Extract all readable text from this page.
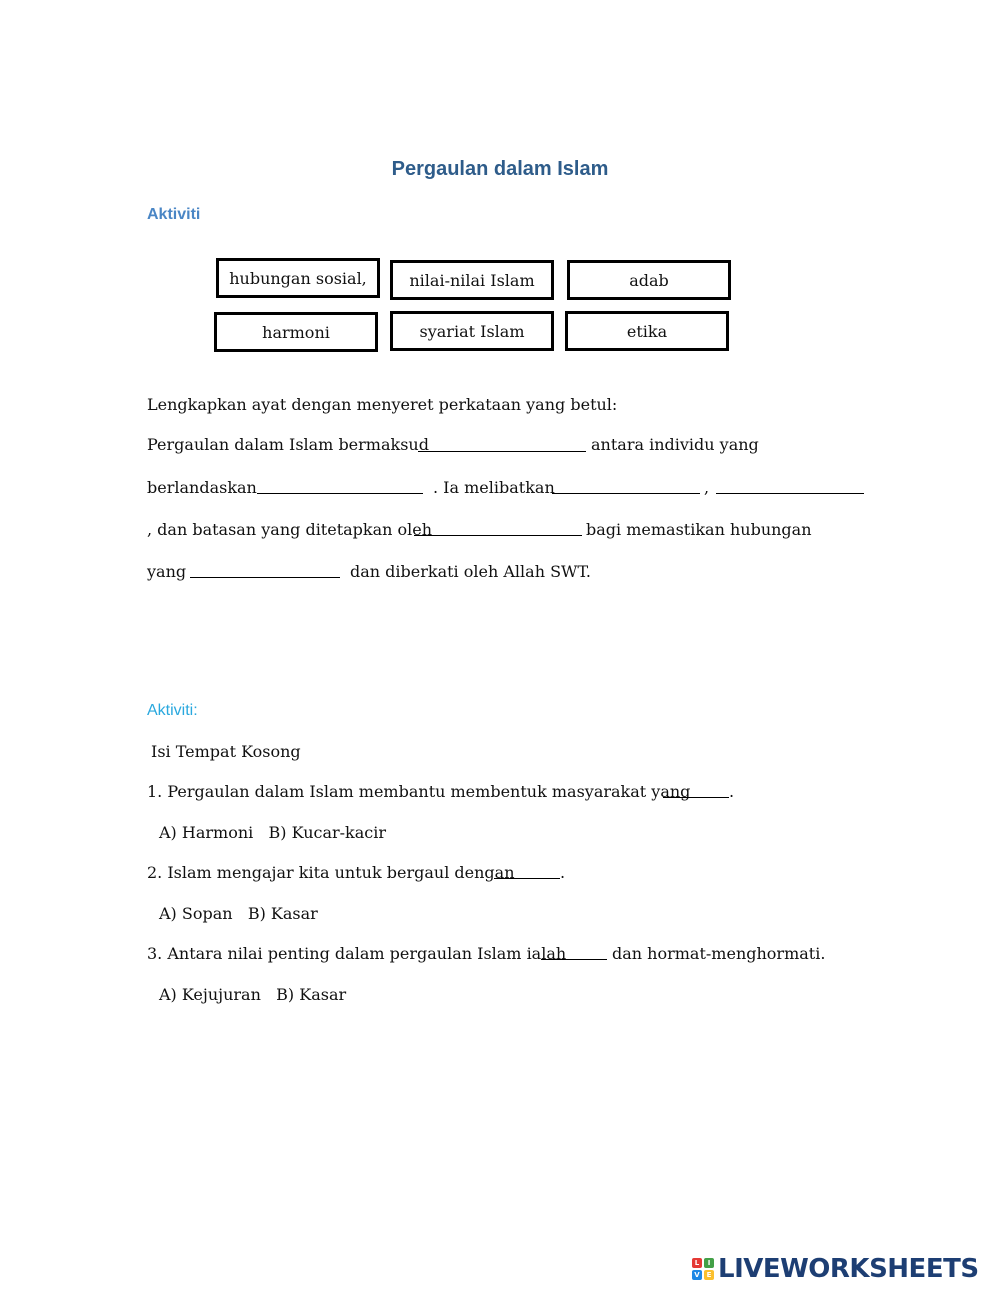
Pergaulan dalam Islam
Aktiviti
hubungan sosial,	nilai-nilai Islam	adab
harmoni	syariat Islam	etika
Lengkapkan ayat dengan menyeret perkataan yang betul:
Pergaulan dalam Islam bermaksud	antara individu yang
berlandaskan	. Ia melibatkan	,
, dan batasan yang ditetapkan oleh	bagi memastikan hubungan
yang	dan diberkati oleh Allah SWT.
Aktiviti:
Isi Tempat Kosong
1. Pergaulan dalam Islam membantu membentuk masyarakat yang .
A) Harmoni   B) Kucar-kacir
2. Islam mengajar kita untuk bergaul dengan	.
A) Sopan   B) Kasar
3. Antara nilai penting dalam pergaulan Islam ialah	dan hormat-menghormati.
A) Kejujuran   B) Kasar
L	I
V E LIVEWORKSHEETS
